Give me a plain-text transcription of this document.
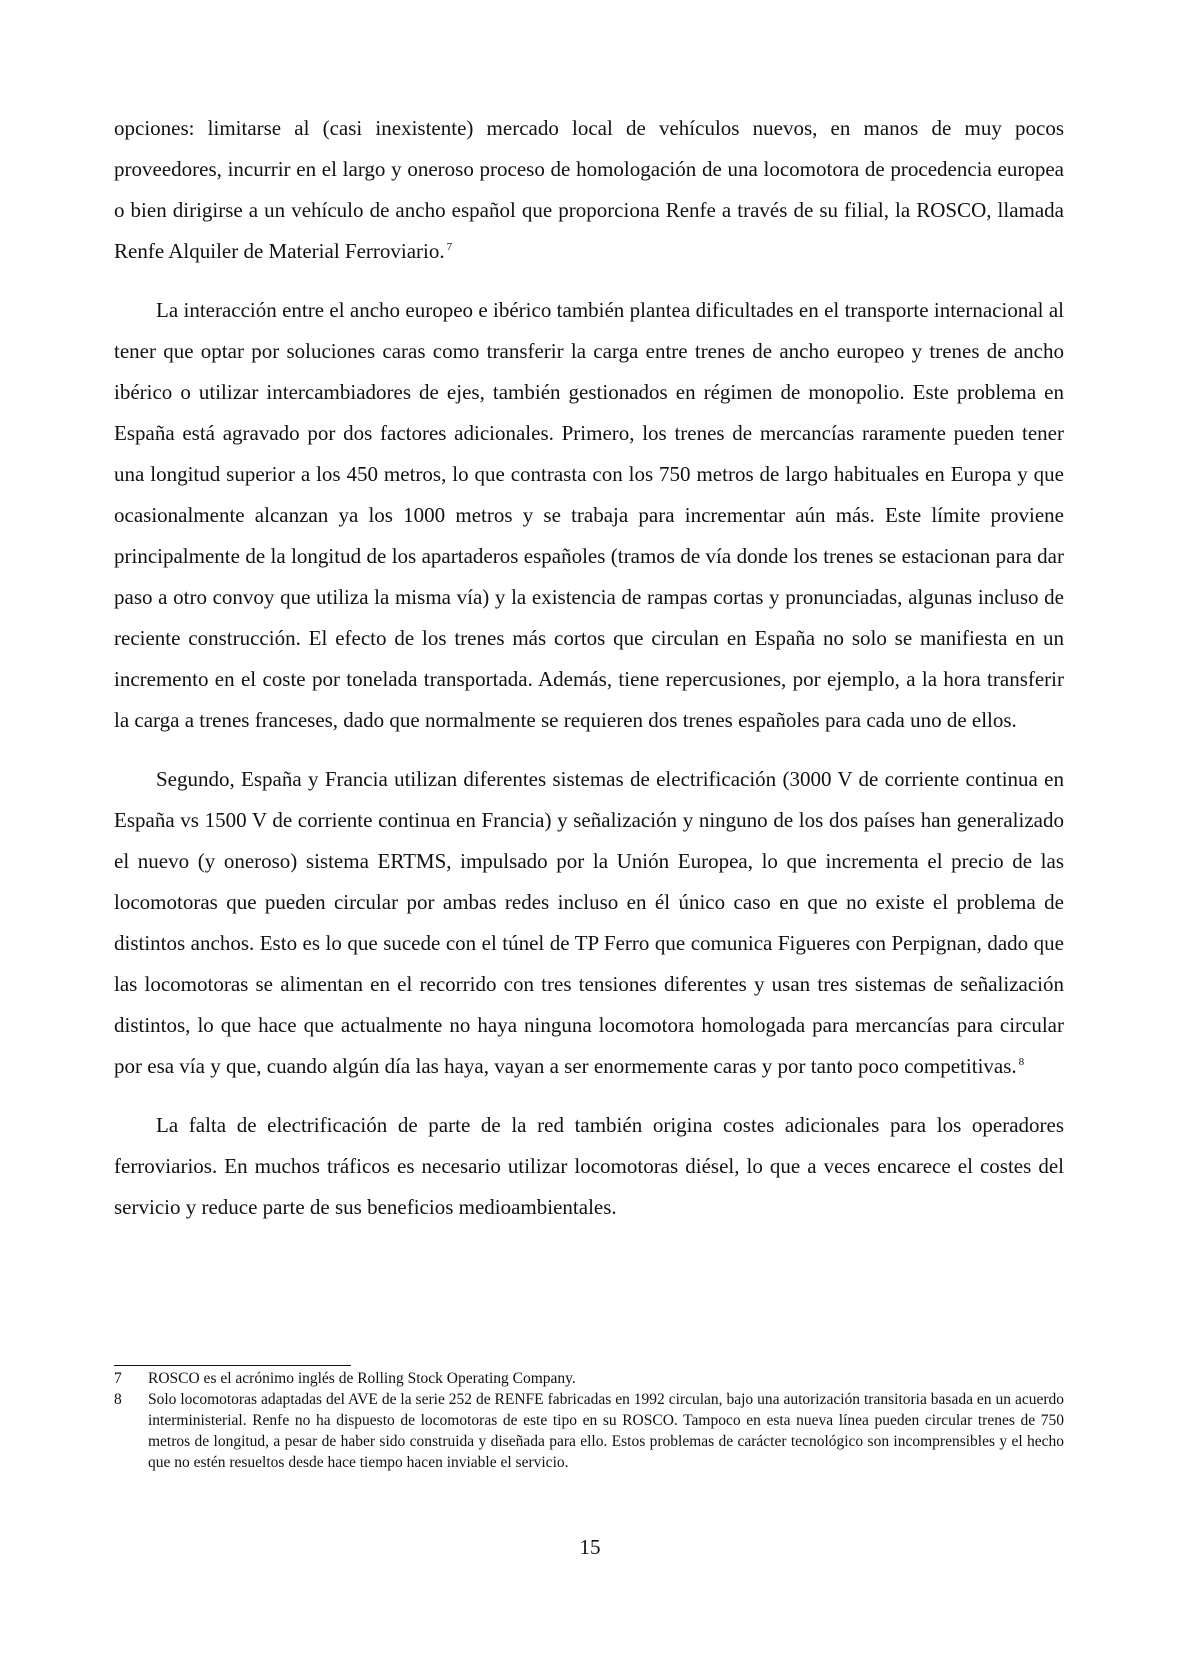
opciones: limitarse al (casi inexistente) mercado local de vehículos nuevos, en manos de muy pocos proveedores, incurrir en el largo y oneroso proceso de homologación de una locomotora de procedencia europea o bien dirigirse a un vehículo de ancho español que proporciona Renfe a través de su filial, la ROSCO, llamada Renfe Alquiler de Material Ferroviario. $^7$

La interacción entre el ancho europeo e ibérico también plantea dificultades en el transporte internacional al tener que optar por soluciones caras como transferir la carga entre trenes de ancho europeo y trenes de ancho ibérico o utilizar intercambiadores de ejes, también gestionados en régimen de monopolio. Este problema en España está agravado por dos factores adicionales. Primero, los trenes de mercancías raramente pueden tener una longitud superior a los 450 metros, lo que contrasta con los 750 metros de largo habituales en Europa y que ocasionalmente alcanzan ya los 1000 metros y se trabaja para incrementar aún más. Este límite proviene principalmente de la longitud de los apartaderos españoles (tramos de vía donde los trenes se estacionan para dar paso a otro convoy que utiliza la misma vía) y la existencia de rampas cortas y pronunciadas, algunas incluso de reciente construcción. El efecto de los trenes más cortos que circulan en España no solo se manifiesta en un incremento en el coste por tonelada transportada. Además, tiene repercusiones, por ejemplo, a la hora transferir la carga a trenes franceses, dado que normalmente se requieren dos trenes españoles para cada uno de ellos.

Segundo, España y Francia utilizan diferentes sistemas de electrificación (3000 V de corriente continua en España vs 1500 V de corriente continua en Francia) y señalización y ninguno de los dos países han generalizado el nuevo (y oneroso) sistema ERTMS, impulsado por la Unión Europea, lo que incrementa el precio de las locomotoras que pueden circular por ambas redes incluso en él único caso en que no existe el problema de distintos anchos. Esto es lo que sucede con el túnel de TP Ferro que comunica Figueres con Perpignan, dado que las locomotoras se alimentan en el recorrido con tres tensiones diferentes y usan tres sistemas de señalización distintos, lo que hace que actualmente no haya ninguna locomotora homologada para mercancías para circular por esa vía y que, cuando algún día las haya, vayan a ser enormemente caras y por tanto poco competitivas. $^8$

La falta de electrificación de parte de la red también origina costes adicionales para los operadores ferroviarios. En muchos tráficos es necesario utilizar locomotoras diésel, lo que a veces encarece el costes del servicio y reduce parte de sus beneficios medioambientales.

7	ROSCO es el acrónimo inglés de Rolling Stock Operating Company.
8	Solo locomotoras adaptadas del AVE de la serie 252 de RENFE fabricadas en 1992 circulan, bajo una autorización transitoria basada en un acuerdo interministerial. Renfe no ha dispuesto de locomotoras de este tipo en su ROSCO. Tampoco en esta nueva línea pueden circular trenes de 750 metros de longitud, a pesar de haber sido construida y diseñada para ello. Estos problemas de carácter tecnológico son incomprensibles y el hecho que no estén resueltos desde hace tiempo hacen inviable el servicio.
15
